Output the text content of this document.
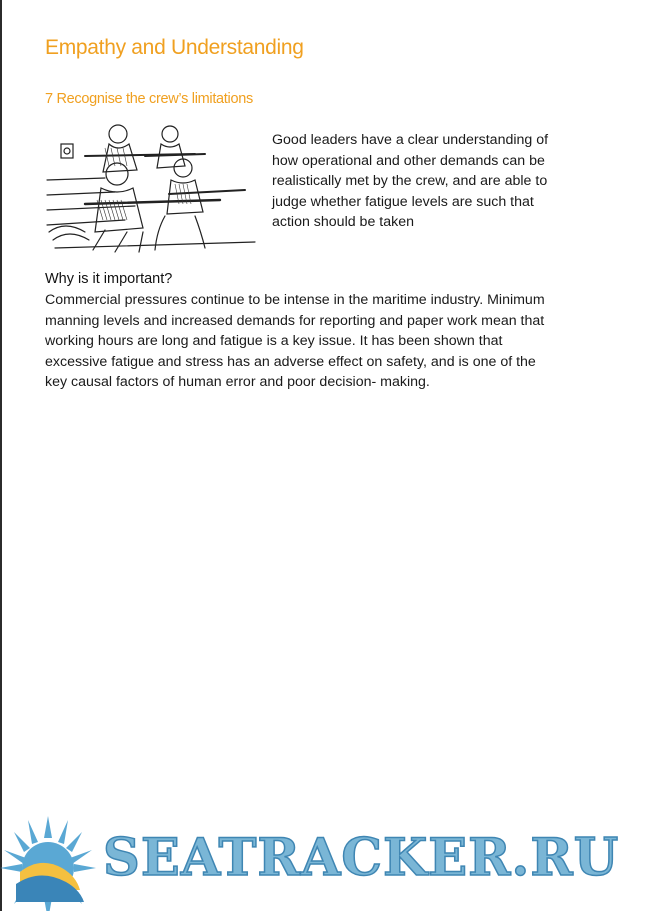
Empathy and Understanding
7 Recognise the crew’s limitations

Good leaders have a clear understanding of how operational and other demands can be realistically met by the crew, and are able to judge whether fatigue levels are such that action should be taken

Why is it important?

Commercial pressures continue to be intense in the maritime industry. Minimum manning levels and increased demands for reporting and paper work mean that working hours are long and fatigue is a key issue. It has been shown that excessive fatigue and stress has an adverse effect on safety, and is one of the key causal factors of human error and poor decision- making.

SEATRACKER.RU
